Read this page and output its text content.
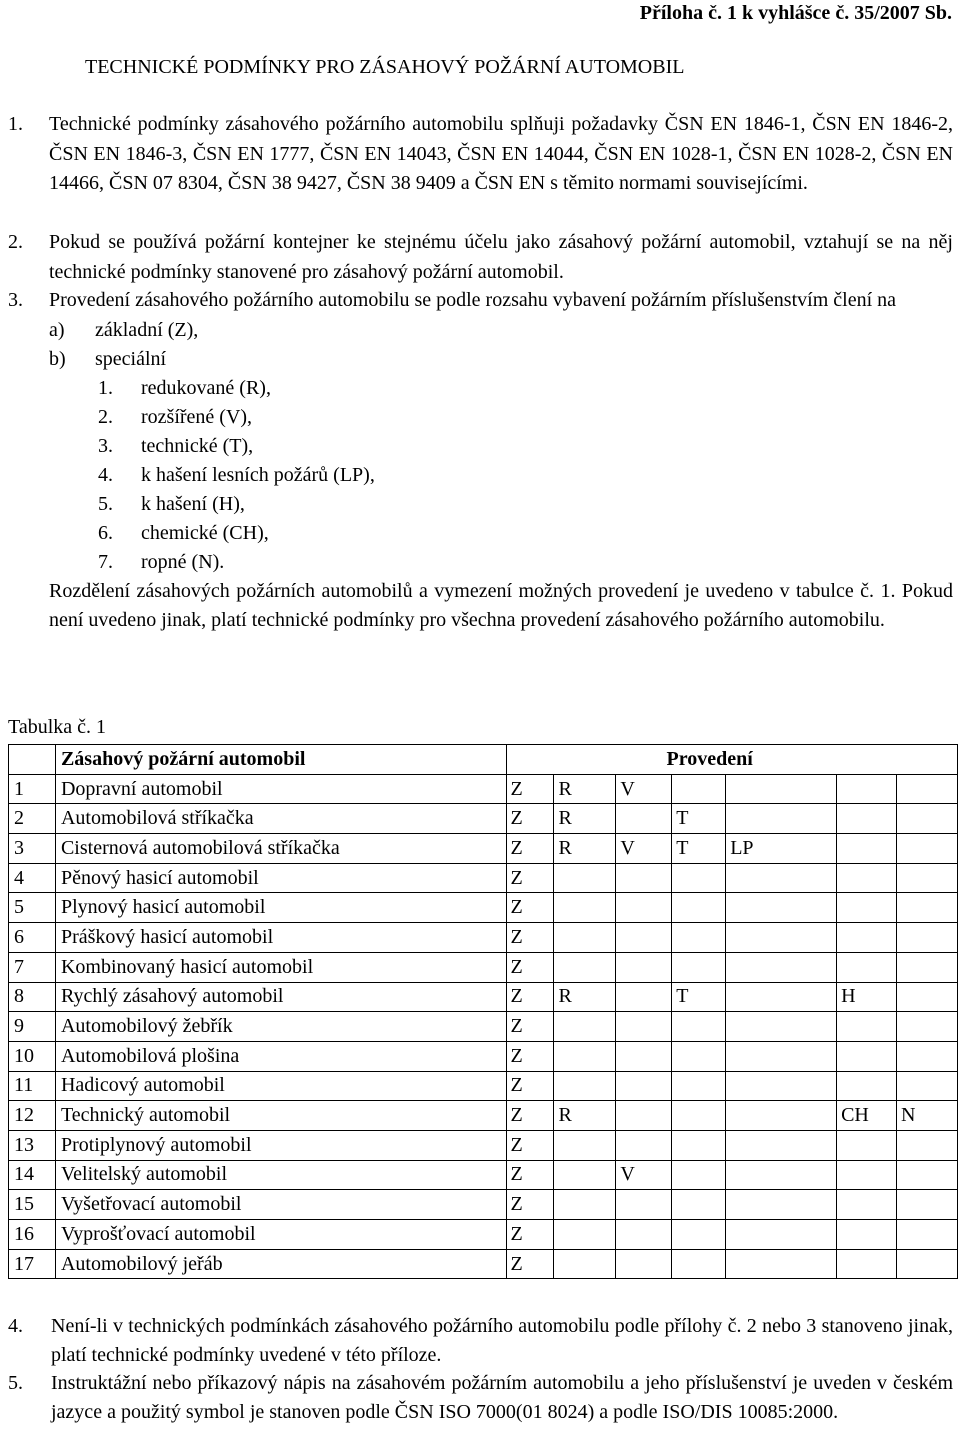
Příloha č. 1 k vyhlášce č. 35/2007 Sb.
TECHNICKÉ PODMÍNKY PRO ZÁSAHOVÝ POŽÁRNÍ AUTOMOBIL
1.	Technické podmínky zásahového požárního automobilu splňuji požadavky ČSN EN 1846-1, ČSN EN 1846-2, ČSN EN 1846-3, ČSN EN 1777, ČSN EN 14043, ČSN EN 14044, ČSN EN 1028-1, ČSN EN 1028-2, ČSN EN 14466, ČSN 07 8304, ČSN 38 9427, ČSN 38 9409 a ČSN EN s těmito normami souvisejícími.
2.	Pokud se používá požární kontejner ke stejnému účelu jako zásahový požární automobil, vztahují se na něj technické podmínky stanovené pro zásahový požární automobil.
3.	Provedení zásahového požárního automobilu se podle rozsahu vybavení požárním příslušenstvím člení na
a)	základní (Z),
b)	speciální
1.	redukované (R),
2.	rozšířené (V),
3.	technické (T),
4.	k hašení lesních požárů (LP),
5.	k hašení (H),
6.	chemické (CH),
7.	ropné (N).
Rozdělení zásahových požárních automobilů a vymezení možných provedení je uvedeno v tabulce č. 1. Pokud není uvedeno jinak, platí technické podmínky pro všechna provedení zásahového požárního automobilu.
Tabulka č. 1
	Zásahový požární automobil	Provedení						
1	Dopravní automobil	Z	R	V				
2	Automobilová stříkačka	Z	R		T			
3	Cisternová automobilová stříkačka	Z	R	V	T	LP		
4	Pěnový hasicí automobil	Z						
5	Plynový hasicí automobil	Z						
6	Práškový hasicí automobil	Z						
7	Kombinovaný hasicí automobil	Z						
8	Rychlý zásahový automobil	Z	R		T		H	
9	Automobilový žebřík	Z						
10	Automobilová plošina	Z						
11	Hadicový automobil	Z						
12	Technický automobil	Z	R				CH	N
13	Protiplynový automobil	Z						
14	Velitelský automobil	Z		V				
15	Vyšetřovací automobil	Z						
16	Vyprošťovací automobil	Z						
17	Automobilový jeřáb	Z						
4.	Není-li v technických podmínkách zásahového požárního automobilu podle přílohy č. 2 nebo 3 stanoveno jinak, platí technické podmínky uvedené v této příloze.
5.	Instruktážní nebo příkazový nápis na zásahovém požárním automobilu a jeho příslušenství je uveden v českém jazyce a použitý symbol je stanoven podle ČSN ISO 7000(01 8024) a podle ISO/DIS 10085:2000.
